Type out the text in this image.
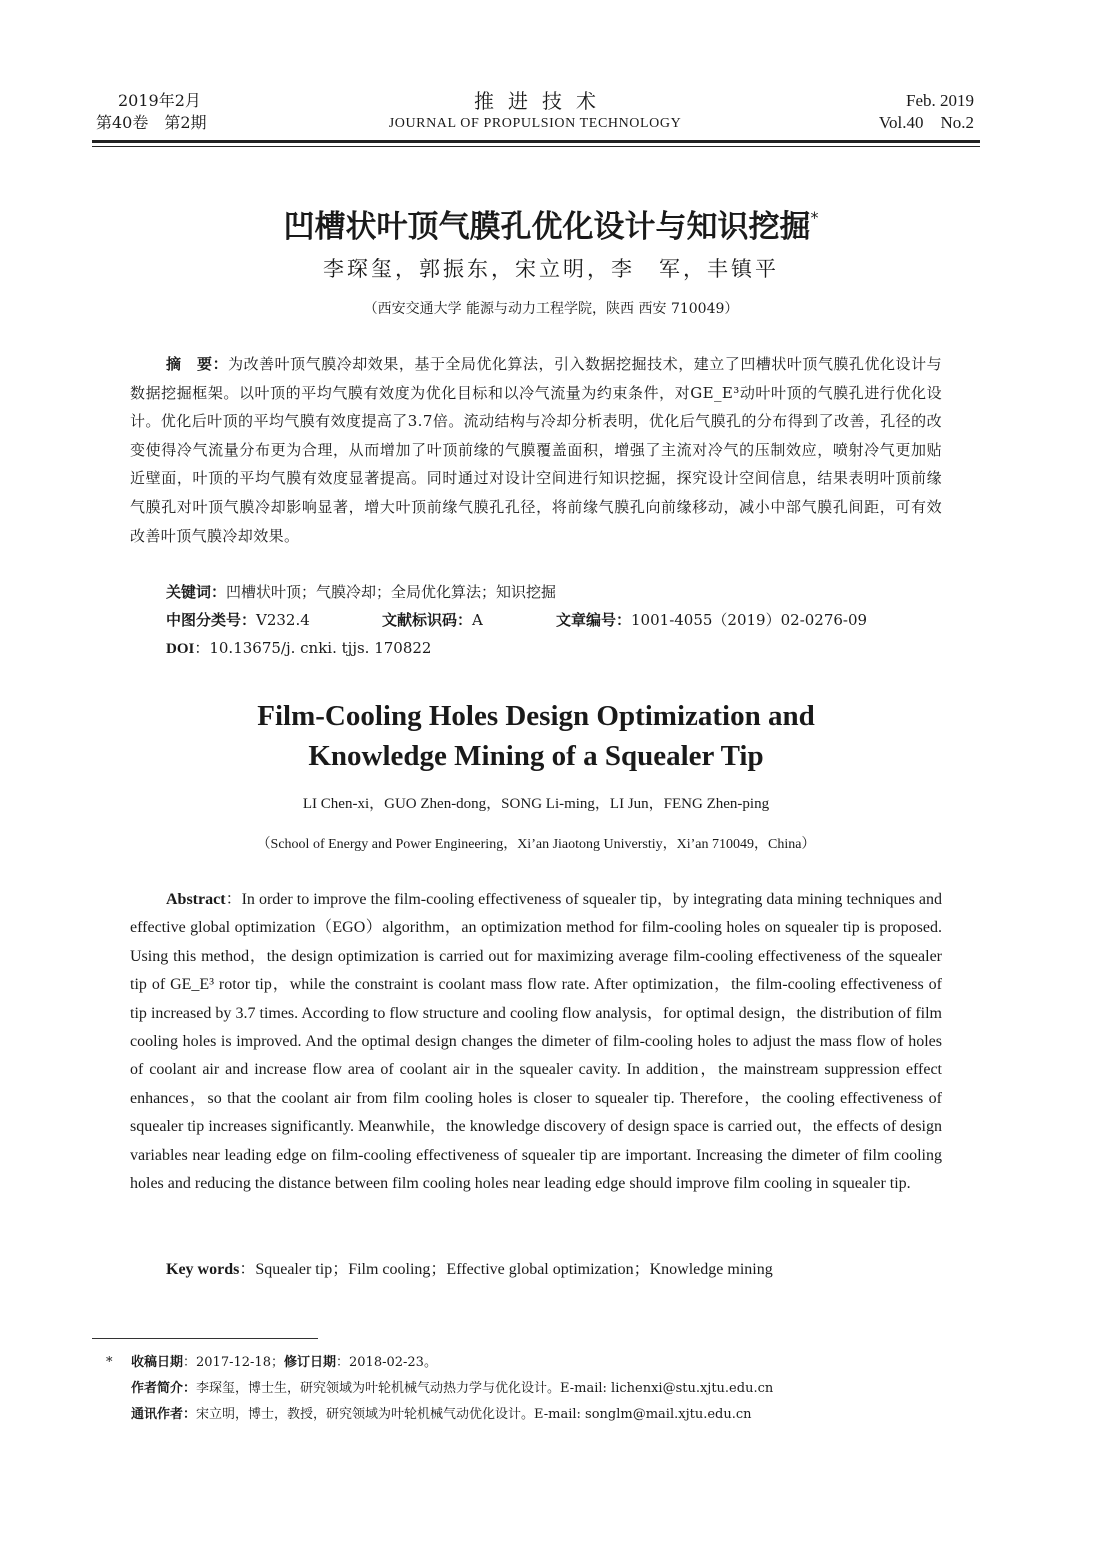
2019年2月
第40卷　第2期
推进技术
JOURNAL OF PROPULSION TECHNOLOGY
Feb. 2019
Vol.40　No.2
凹槽状叶顶气膜孔优化设计与知识挖掘*
李琛玺，郭振东，宋立明，李　军，丰镇平
（西安交通大学 能源与动力工程学院，陕西 西安 710049）
摘　要：为改善叶顶气膜冷却效果，基于全局优化算法，引入数据挖掘技术，建立了凹槽状叶顶气膜孔优化设计与数据挖掘框架。以叶顶的平均气膜有效度为优化目标和以冷气流量为约束条件，对GE_E³动叶叶顶的气膜孔进行优化设计。优化后叶顶的平均气膜有效度提高了3.7倍。流动结构与冷却分析表明，优化后气膜孔的分布得到了改善，孔径的改变使得冷气流量分布更为合理，从而增加了叶顶前缘的气膜覆盖面积，增强了主流对冷气的压制效应，喷射冷气更加贴近壁面，叶顶的平均气膜有效度显著提高。同时通过对设计空间进行知识挖掘，探究设计空间信息，结果表明叶顶前缘气膜孔对叶顶气膜冷却影响显著，增大叶顶前缘气膜孔孔径，将前缘气膜孔向前缘移动，减小中部气膜孔间距，可有效改善叶顶气膜冷却效果。
关键词：凹槽状叶顶；气膜冷却；全局优化算法；知识挖掘
中图分类号：V232.4	文献标识码：A	文章编号：1001-4055（2019）02-0276-09
DOI：10.13675/j. cnki. tjjs. 170822
Film-Cooling Holes Design Optimization and
Knowledge Mining of a Squealer Tip
LI Chen-xi，GUO Zhen-dong，SONG Li-ming，LI Jun，FENG Zhen-ping
（School of Energy and Power Engineering，Xi’an Jiaotong Universtiy，Xi’an 710049，China）
Abstract：In order to improve the film-cooling effectiveness of squealer tip，by integrating data mining techniques and effective global optimization（EGO）algorithm，an optimization method for film-cooling holes on squealer tip is proposed. Using this method，the design optimization is carried out for maximizing average film-cooling effectiveness of the squealer tip of GE_E³ rotor tip，while the constraint is coolant mass flow rate. After optimization，the film-cooling effectiveness of tip increased by 3.7 times. According to flow structure and cooling flow analysis，for optimal design，the distribution of film cooling holes is improved. And the optimal design changes the dimeter of film-cooling holes to adjust the mass flow of holes of coolant air and increase flow area of coolant air in the squealer cavity. In addition，the mainstream suppression effect enhances，so that the coolant air from film cooling holes is closer to squealer tip. Therefore，the cooling effectiveness of squealer tip increases significantly. Meanwhile，the knowledge discovery of design space is carried out，the effects of design variables near leading edge on film-cooling effectiveness of squealer tip are important. Increasing the dimeter of film cooling holes and reducing the distance between film cooling holes near leading edge should improve film cooling in squealer tip.
Key words：Squealer tip；Film cooling；Effective global optimization；Knowledge mining
* 收稿日期：2017-12-18；修订日期：2018-02-23。
作者简介：李琛玺，博士生，研究领域为叶轮机械气动热力学与优化设计。E-mail: lichenxi@stu.xjtu.edu.cn
通讯作者：宋立明，博士，教授，研究领域为叶轮机械气动优化设计。E-mail: songlm@mail.xjtu.edu.cn
